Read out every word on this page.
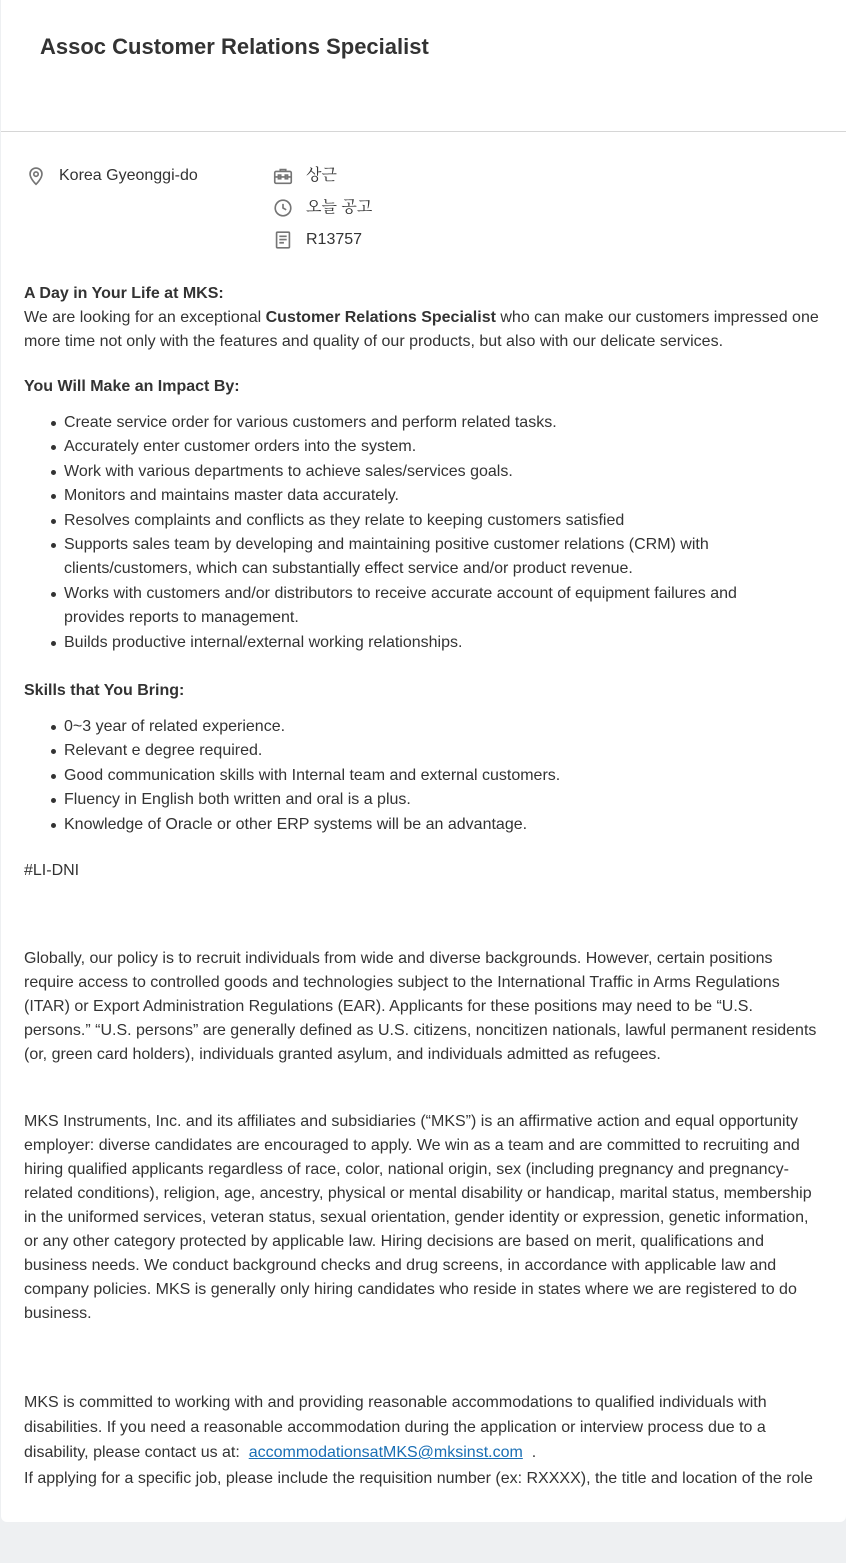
Assoc Customer Relations Specialist
Korea Gyeonggi-do	상근
오늘 공고
R13757
A Day in Your Life at MKS:

We are looking for an exceptional Customer Relations Specialist who can make our customers impressed one more time not only with the features and quality of our products, but also with our delicate services.

You Will Make an Impact By:
Create service order for various customers and perform related tasks.
Accurately enter customer orders into the system.
Work with various departments to achieve sales/services goals.
Monitors and maintains master data accurately.
Resolves complaints and conflicts as they relate to keeping customers satisfied
Supports sales team by developing and maintaining positive customer relations (CRM) with clients/customers, which can substantially effect service and/or product revenue.
Works with customers and/or distributors to receive accurate account of equipment failures and provides reports to management.
Builds productive internal/external working relationships.
Skills that You Bring:
0~3 year of related experience.
Relevant e degree required.
Good communication skills with Internal team and external customers.
Fluency in English both written and oral is a plus.
Knowledge of Oracle or other ERP systems will be an advantage.

#LI-DNI

Globally, our policy is to recruit individuals from wide and diverse backgrounds. However, certain positions require access to controlled goods and technologies subject to the International Traffic in Arms Regulations (ITAR) or Export Administration Regulations (EAR). Applicants for these positions may need to be “U.S. persons.” “U.S. persons” are generally defined as U.S. citizens, noncitizen nationals, lawful permanent residents (or, green card holders), individuals granted asylum, and individuals admitted as refugees.

MKS Instruments, Inc. and its affiliates and subsidiaries (“MKS”) is an affirmative action and equal opportunity employer: diverse candidates are encouraged to apply. We win as a team and are committed to recruiting and hiring qualified applicants regardless of race, color, national origin, sex (including pregnancy and pregnancy-related conditions), religion, age, ancestry, physical or mental disability or handicap, marital status, membership in the uniformed services, veteran status, sexual orientation, gender identity or expression, genetic information, or any other category protected by applicable law. Hiring decisions are based on merit, qualifications and business needs. We conduct background checks and drug screens, in accordance with applicable law and company policies. MKS is generally only hiring candidates who reside in states where we are registered to do business.

MKS is committed to working with and providing reasonable accommodations to qualified individuals with disabilities. If you need a reasonable accommodation during the application or interview process due to a disability, please contact us at: accommodationsatMKS@mksinst.com .

If applying for a specific job, please include the requisition number (ex: RXXXX), the title and location of the role
